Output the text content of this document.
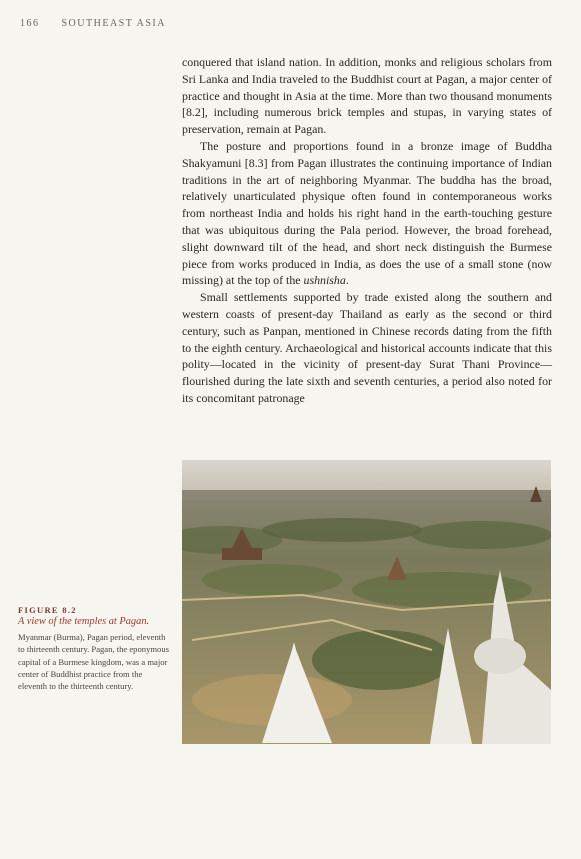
166 SOUTHEAST ASIA

conquered that island nation. In addition, monks and religious scholars from Sri Lanka and India traveled to the Buddhist court at Pagan, a major center of practice and thought in Asia at the time. More than two thousand monuments [8.2], including numerous brick temples and stupas, in varying states of preservation, remain at Pagan.

The posture and proportions found in a bronze image of Buddha Shakyamuni [8.3] from Pagan illustrates the continuing importance of Indian traditions in the art of neighboring Myanmar. The buddha has the broad, relatively unarticulated physique often found in contemporaneous works from northeast India and holds his right hand in the earth-touching gesture that was ubiquitous during the Pala period. However, the broad forehead, slight downward tilt of the head, and short neck distinguish the Burmese piece from works produced in India, as does the use of a small stone (now missing) at the top of the ushnisha.

Small settlements supported by trade existed along the southern and western coasts of present-day Thailand as early as the second or third century, such as Panpan, mentioned in Chinese records dating from the fifth to the eighth century. Archaeological and historical accounts indicate that this polity—located in the vicinity of present-day Surat Thani Province—flourished during the late sixth and seventh centuries, a period also noted for its concomitant patronage

FIGURE 8.2
A view of the temples at Pagan.
Myanmar (Burma), Pagan period, eleventh to thirteenth century. Pagan, the eponymous capital of a Burmese kingdom, was a major center of Buddhist practice from the eleventh to the thirteenth century.
